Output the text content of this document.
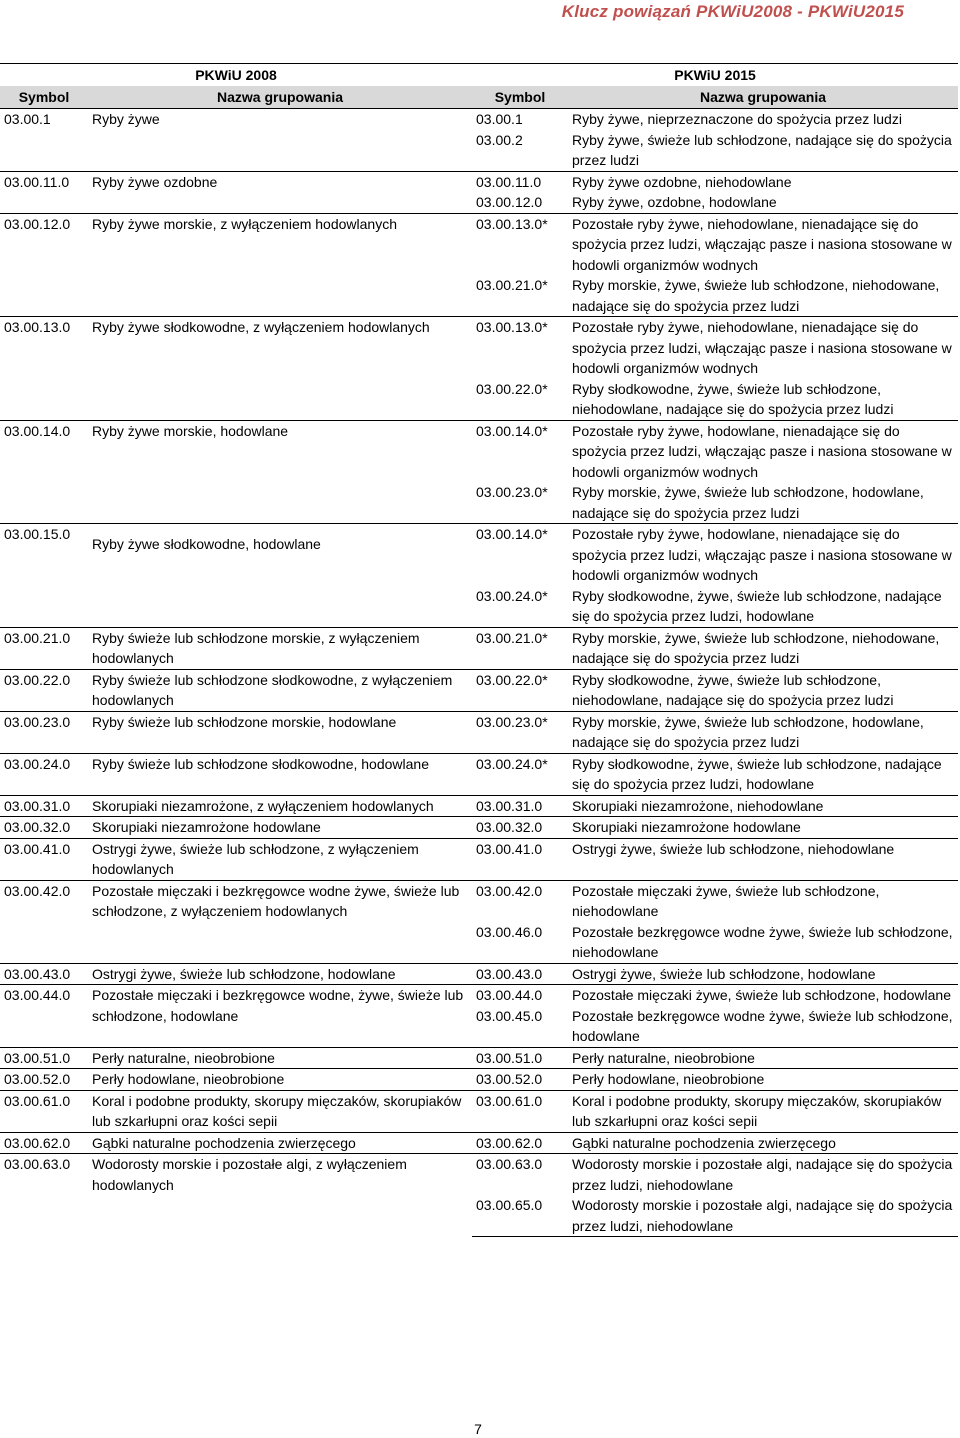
Klucz powiązań PKWiU2008 - PKWiU2015
PKWiU 2008		PKWiU 2015	
Symbol	Nazwa grupowania	Symbol	Nazwa grupowania
03.00.1	Ryby żywe	03.00.1	Ryby żywe, nieprzeznaczone do spożycia przez ludzi
		03.00.2	Ryby żywe, świeże lub schłodzone, nadające się do spożycia przez ludzi
03.00.11.0	Ryby żywe ozdobne	03.00.11.0	Ryby żywe ozdobne, niehodowlane
		03.00.12.0	Ryby żywe, ozdobne, hodowlane
03.00.12.0	Ryby żywe morskie, z wyłączeniem hodowlanych	03.00.13.0*	Pozostałe ryby żywe, niehodowlane, nienadające się do spożycia przez ludzi, włączając pasze i nasiona stosowane w hodowli organizmów wodnych
		03.00.21.0*	Ryby morskie, żywe, świeże lub schłodzone, niehodowane, nadające się do spożycia przez ludzi
03.00.13.0	Ryby żywe słodkowodne, z wyłączeniem hodowlanych	03.00.13.0*	Pozostałe ryby żywe, niehodowlane, nienadające się do spożycia przez ludzi, włączając pasze i nasiona stosowane w hodowli organizmów wodnych
		03.00.22.0*	Ryby słodkowodne, żywe, świeże lub schłodzone, niehodowlane, nadające się do spożycia przez ludzi
03.00.14.0	Ryby żywe morskie, hodowlane	03.00.14.0*	Pozostałe ryby żywe, hodowlane, nienadające się do spożycia przez ludzi, włączając pasze i nasiona stosowane w hodowli organizmów wodnych
		03.00.23.0*	Ryby morskie, żywe, świeże lub schłodzone, hodowlane, nadające się do spożycia przez ludzi
03.00.15.0	Ryby żywe słodkowodne, hodowlane	03.00.14.0*	Pozostałe ryby żywe, hodowlane, nienadające się do spożycia przez ludzi, włączając pasze i nasiona stosowane w hodowli organizmów wodnych
		03.00.24.0*	Ryby słodkowodne, żywe, świeże lub schłodzone, nadające się do spożycia przez ludzi, hodowlane
03.00.21.0	Ryby świeże lub schłodzone morskie, z wyłączeniem hodowlanych	03.00.21.0*	Ryby morskie, żywe, świeże lub schłodzone, niehodowane, nadające się do spożycia przez ludzi
03.00.22.0	Ryby świeże lub schłodzone słodkowodne, z wyłączeniem hodowlanych	03.00.22.0*	Ryby słodkowodne, żywe, świeże lub schłodzone, niehodowlane, nadające się do spożycia przez ludzi
03.00.23.0	Ryby świeże lub schłodzone morskie, hodowlane	03.00.23.0*	Ryby morskie, żywe, świeże lub schłodzone, hodowlane, nadające się do spożycia przez ludzi
03.00.24.0	Ryby świeże lub schłodzone słodkowodne, hodowlane	03.00.24.0*	Ryby słodkowodne, żywe, świeże lub schłodzone, nadające się do spożycia przez ludzi, hodowlane
03.00.31.0	Skorupiaki niezamrożone, z wyłączeniem hodowlanych	03.00.31.0	Skorupiaki niezamrożone, niehodowlane
03.00.32.0	Skorupiaki niezamrożone hodowlane	03.00.32.0	Skorupiaki niezamrożone hodowlane
03.00.41.0	Ostrygi żywe, świeże lub schłodzone, z wyłączeniem hodowlanych	03.00.41.0	Ostrygi żywe, świeże lub schłodzone, niehodowlane
03.00.42.0	Pozostałe mięczaki i bezkręgowce wodne żywe, świeże lub schłodzone, z wyłączeniem hodowlanych	03.00.42.0	Pozostałe mięczaki żywe, świeże lub schłodzone, niehodowlane
		03.00.46.0	Pozostałe bezkręgowce wodne żywe, świeże lub schłodzone, niehodowlane
03.00.43.0	Ostrygi żywe, świeże lub schłodzone, hodowlane	03.00.43.0	Ostrygi żywe, świeże lub schłodzone, hodowlane
03.00.44.0	Pozostałe mięczaki i bezkręgowce wodne, żywe, świeże lub schłodzone, hodowlane	03.00.44.0	Pozostałe mięczaki żywe, świeże lub schłodzone, hodowlane
		03.00.45.0	Pozostałe bezkręgowce wodne żywe, świeże lub schłodzone, hodowlane
03.00.51.0	Perły naturalne, nieobrobione	03.00.51.0	Perły naturalne, nieobrobione
03.00.52.0	Perły hodowlane, nieobrobione	03.00.52.0	Perły hodowlane, nieobrobione
03.00.61.0	Koral i podobne produkty, skorupy mięczaków, skorupiaków lub szkarłupni oraz kości sepii	03.00.61.0	Koral i podobne produkty, skorupy mięczaków, skorupiaków lub szkarłupni oraz kości sepii
03.00.62.0	Gąbki naturalne pochodzenia zwierzęcego	03.00.62.0	Gąbki naturalne pochodzenia zwierzęcego
03.00.63.0	Wodorosty morskie i pozostałe algi, z wyłączeniem hodowlanych	03.00.63.0	Wodorosty morskie i pozostałe algi, nadające się do spożycia przez ludzi, niehodowlane
		03.00.65.0	Wodorosty morskie i pozostałe algi, nadające się do spożycia przez ludzi, niehodowlane
7
